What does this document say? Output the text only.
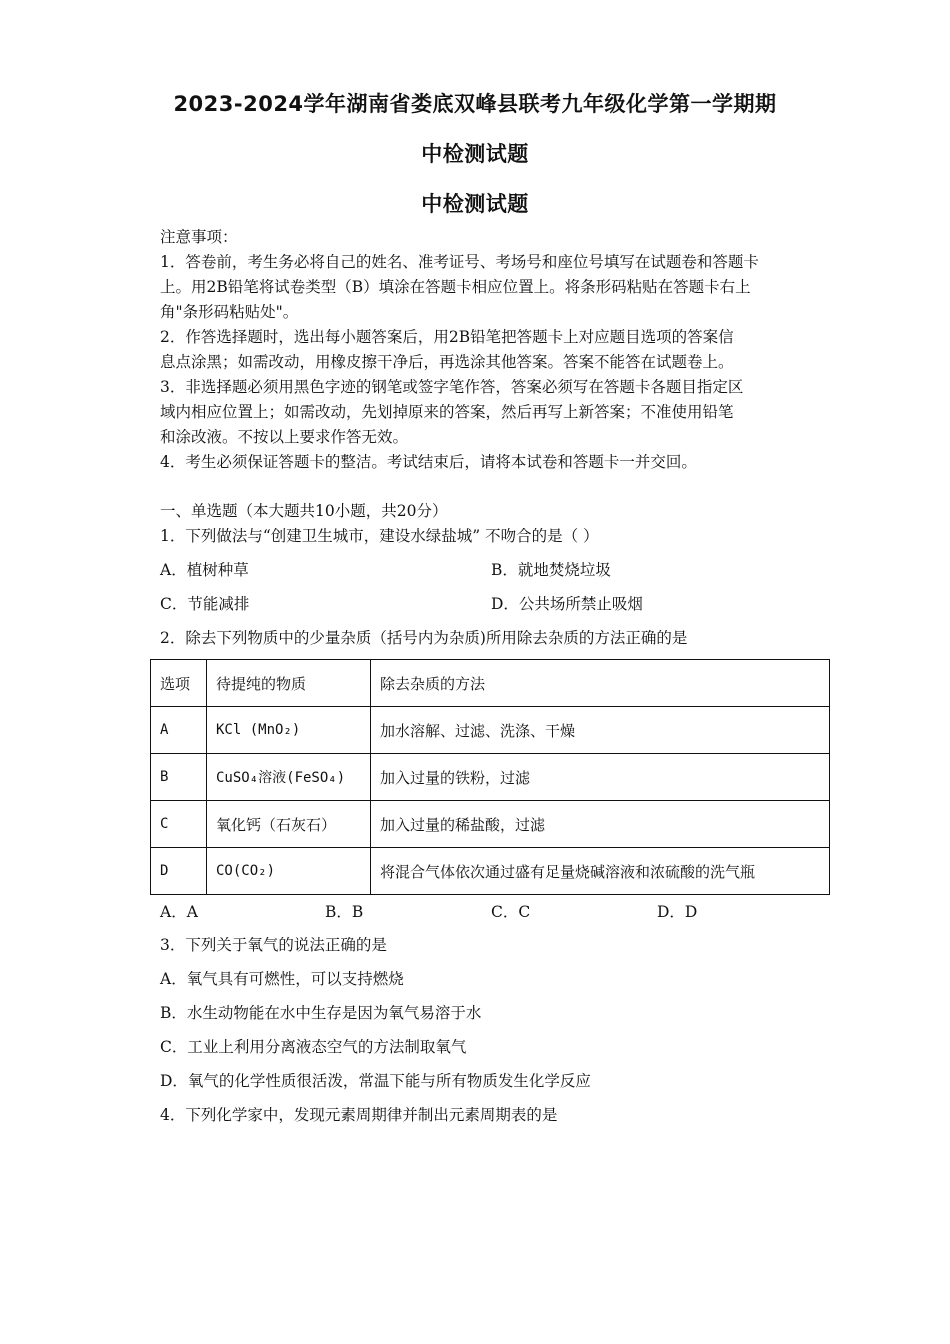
2023-2024学年湖南省娄底双峰县联考九年级化学第一学期期
中检测试题
中检测试题
注意事项：
1．答卷前，考生务必将自己的姓名、准考证号、考场号和座位号填写在试题卷和答题卡
上。用2B铅笔将试卷类型（B）填涂在答题卡相应位置上。将条形码粘贴在答题卡右上
角"条形码粘贴处"。
2．作答选择题时，选出每小题答案后，用2B铅笔把答题卡上对应题目选项的答案信
息点涂黑；如需改动，用橡皮擦干净后，再选涂其他答案。答案不能答在试题卷上。
3．非选择题必须用黑色字迹的钢笔或签字笔作答，答案必须写在答题卡各题目指定区
域内相应位置上；如需改动，先划掉原来的答案，然后再写上新答案；不准使用铅笔
和涂改液。不按以上要求作答无效。
4．考生必须保证答题卡的整洁。考试结束后，请将本试卷和答题卡一并交回。
一、单选题（本大题共10小题，共20分）
1．下列做法与“创建卫生城市，建设水绿盐城” 不吻合的是（ ）
A．植树种草	B．就地焚烧垃圾
C．节能减排	D．公共场所禁止吸烟
2．除去下列物质中的少量杂质（括号内为杂质)所用除去杂质的方法正确的是
选项	待提纯的物质	除去杂质的方法
A	KCl (MnO₂)	加水溶解、过滤、洗涤、干燥
B	CuSO₄溶液(FeSO₄)	加入过量的铁粉，过滤
C	氧化钙（石灰石）	加入过量的稀盐酸，过滤
D	CO(CO₂)	将混合气体依次通过盛有足量烧碱溶液和浓硫酸的洗气瓶
A．A	B．B	C．C	D．D
3．下列关于氧气的说法正确的是
A．氧气具有可燃性，可以支持燃烧
B．水生动物能在水中生存是因为氧气易溶于水
C．工业上利用分离液态空气的方法制取氧气
D．氧气的化学性质很活泼，常温下能与所有物质发生化学反应
4．下列化学家中，发现元素周期律并制出元素周期表的是
